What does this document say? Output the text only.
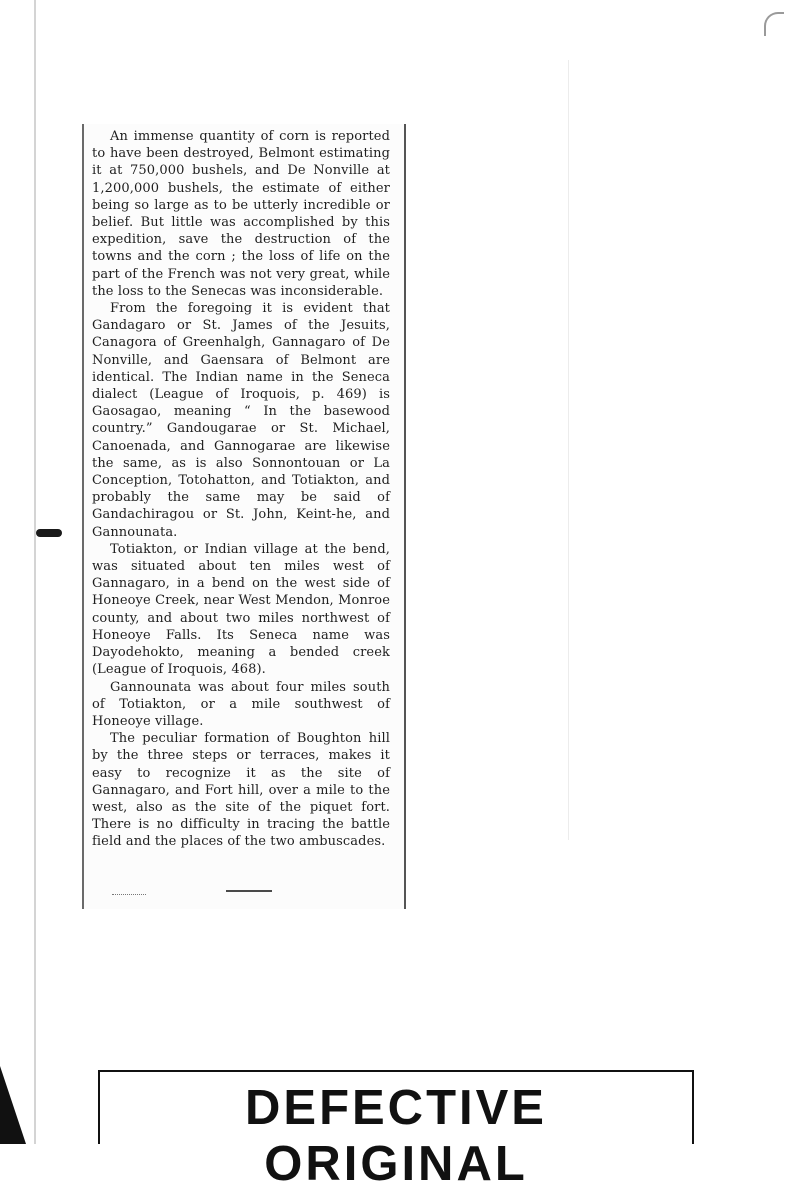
An immense quantity of corn is reported to have been destroyed, Belmont estimating it at 750,000 bushels, and De Nonville at 1,200,000 bushels, the estimate of either being so large as to be utterly incredible or belief. But little was accomplished by this expedition, save the destruction of the towns and the corn ; the loss of life on the part of the French was not very great, while the loss to the Senecas was inconsiderable.

From the foregoing it is evident that Gandagaro or St. James of the Jesuits, Canagora of Greenhalgh, Gannagaro of De Nonville, and Gaensara of Belmont are identical. The Indian name in the Seneca dialect (League of Iroquois, p. 469) is Gaosagao, meaning “ In the basewood country.” Gandougarae or St. Michael, Canoenada, and Gannogarae are likewise the same, as is also Sonnontouan or La Conception, Totohatton, and Totiakton, and probably the same may be said of Gandachiragou or St. John, Keint-he, and Gannounata.

Totiakton, or Indian village at the bend, was situated about ten miles west of Gannagaro, in a bend on the west side of Honeoye Creek, near West Mendon, Monroe county, and about two miles northwest of Honeoye Falls. Its Seneca name was Dayodehokto, meaning a bended creek (League of Iroquois, 468).

Gannounata was about four miles south of Totiakton, or a mile southwest of Honeoye village.

The peculiar formation of Boughton hill by the three steps or terraces, makes it easy to recognize it as the site of Gannagaro, and Fort hill, over a mile to the west, also as the site of the piquet fort. There is no difficulty in tracing the battle field and the places of the two ambuscades.

DEFECTIVE ORIGINAL
